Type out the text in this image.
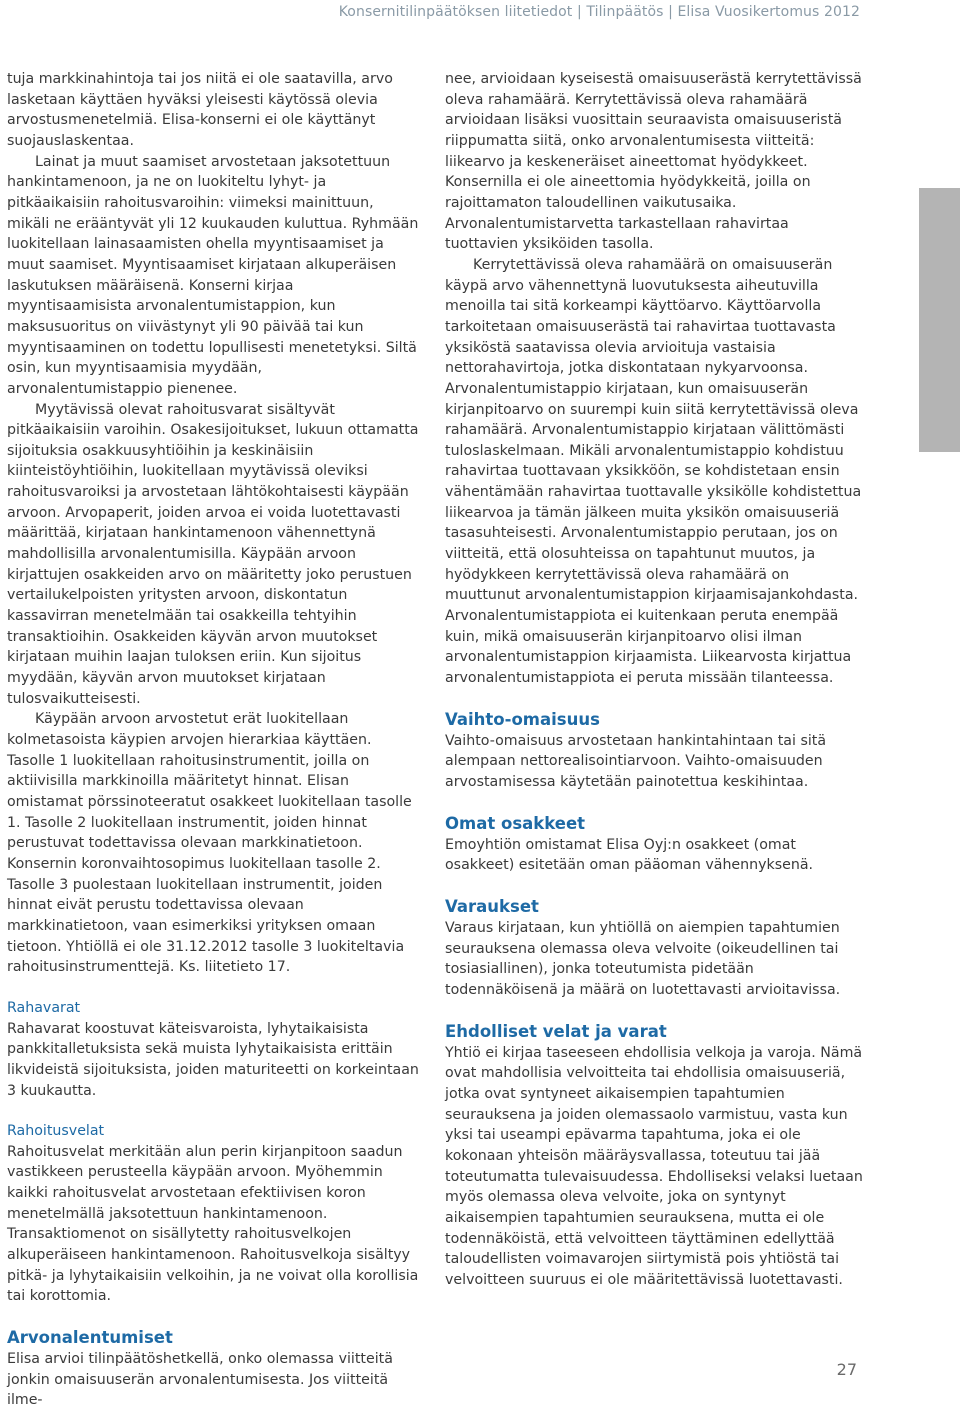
Konsernitilinpäätöksen liitetiedot | Tilinpäätös | Elisa Vuosikertomus 2012

tuja markkinahintoja tai jos niitä ei ole saatavilla, arvo lasketaan käyttäen hyväksi yleisesti käytössä olevia arvostusmenetelmiä. Elisa-konserni ei ole käyttänyt suojauslaskentaa.

Lainat ja muut saamiset arvostetaan jaksotettuun hankintamenoon, ja ne on luokiteltu lyhyt- ja pitkäaikaisiin rahoitusvaroihin: viimeksi mainittuun, mikäli ne erääntyvät yli 12 kuukauden kuluttua. Ryhmään luokitellaan lainasaamisten ohella myyntisaamiset ja muut saamiset. Myyntisaamiset kirjataan alkuperäisen laskutuksen määräisenä. Konserni kirjaa myyntisaamisista arvonalentumistappion, kun maksusuoritus on viivästynyt yli 90 päivää tai kun myyntisaaminen on todettu lopullisesti menetetyksi. Siltä osin, kun myyntisaamisia myydään, arvonalentumistappio pienenee.

Myytävissä olevat rahoitusvarat sisältyvät pitkäaikaisiin varoihin. Osakesijoitukset, lukuun ottamatta sijoituksia osakkuusyhtiöihin ja keskinäisiin kiinteistöyhtiöihin, luokitellaan myytävissä oleviksi rahoitusvaroiksi ja arvostetaan lähtökohtaisesti käypään arvoon. Arvopaperit, joiden arvoa ei voida luotettavasti määrittää, kirjataan hankintamenoon vähennettynä mahdollisilla arvonalentumisilla. Käypään arvoon kirjattujen osakkeiden arvo on määritetty joko perustuen vertailukelpoisten yritysten arvoon, diskontatun kassavirran menetelmään tai osakkeilla tehtyihin transaktioihin. Osakkeiden käyvän arvon muutokset kirjataan muihin laajan tuloksen eriin. Kun sijoitus myydään, käyvän arvon muutokset kirjataan tulosvaikutteisesti.

Käypään arvoon arvostetut erät luokitellaan kolmetasoista käypien arvojen hierarkiaa käyttäen. Tasolle 1 luokitellaan rahoitusinstrumentit, joilla on aktiivisilla markkinoilla määritetyt hinnat. Elisan omistamat pörssinoteeratut osakkeet luokitellaan tasolle 1. Tasolle 2 luokitellaan instrumentit, joiden hinnat perustuvat todettavissa olevaan markkinatietoon. Konsernin koronvaihtosopimus luokitellaan tasolle 2. Tasolle 3 puolestaan luokitellaan instrumentit, joiden hinnat eivät perustu todettavissa olevaan markkinatietoon, vaan esimerkiksi yrityksen omaan tietoon. Yhtiöllä ei ole 31.12.2012 tasolle 3 luokiteltavia rahoitusinstrumenttejä. Ks. liitetieto 17.

Rahavarat

Rahavarat koostuvat käteisvaroista, lyhytaikaisista pankkitalletuksista sekä muista lyhytaikaisista erittäin likvideistä sijoituksista, joiden maturiteetti on korkeintaan 3 kuukautta.

Rahoitusvelat

Rahoitusvelat merkitään alun perin kirjanpitoon saadun vastikkeen perusteella käypään arvoon. Myöhemmin kaikki rahoitusvelat arvostetaan efektiivisen koron menetelmällä jaksotettuun hankintamenoon. Transaktiomenot on sisällytetty rahoitusvelkojen alkuperäiseen hankintamenoon. Rahoitusvelkoja sisältyy pitkä- ja lyhytaikaisiin velkoihin, ja ne voivat olla korollisia tai korottomia.

Arvonalentumiset

Elisa arvioi tilinpäätöshetkellä, onko olemassa viitteitä jonkin omaisuuserän arvonalentumisesta. Jos viitteitä ilme-

nee, arvioidaan kyseisestä omaisuuserästä kerrytettävissä oleva rahamäärä. Kerrytettävissä oleva rahamäärä arvioidaan lisäksi vuosittain seuraavista omaisuuseristä riippumatta siitä, onko arvonalentumisesta viitteitä: liikearvo ja keskeneräiset aineettomat hyödykkeet. Konsernilla ei ole aineettomia hyödykkeitä, joilla on rajoittamaton taloudellinen vaikutusaika. Arvonalentumistarvetta tarkastellaan rahavirtaa tuottavien yksiköiden tasolla.

Kerrytettävissä oleva rahamäärä on omaisuuserän käypä arvo vähennettynä luovutuksesta aiheutuvilla menoilla tai sitä korkeampi käyttöarvo. Käyttöarvolla tarkoitetaan omaisuuserästä tai rahavirtaa tuottavasta yksiköstä saatavissa olevia arvioituja vastaisia nettorahavirtoja, jotka diskontataan nykyarvoonsa. Arvonalentumistappio kirjataan, kun omaisuuserän kirjanpitoarvo on suurempi kuin siitä kerrytettävissä oleva rahamäärä. Arvonalentumistappio kirjataan välittömästi tuloslaskelmaan. Mikäli arvonalentumistappio kohdistuu rahavirtaa tuottavaan yksikköön, se kohdistetaan ensin vähentämään rahavirtaa tuottavalle yksikölle kohdistettua liikearvoa ja tämän jälkeen muita yksikön omaisuuseriä tasasuhteisesti. Arvonalentumistappio perutaan, jos on viitteitä, että olosuhteissa on tapahtunut muutos, ja hyödykkeen kerrytettävissä oleva rahamäärä on muuttunut arvonalentumistappion kirjaamisajankohdasta. Arvonalentumistappiota ei kuitenkaan peruta enempää kuin, mikä omaisuuserän kirjanpitoarvo olisi ilman arvonalentumistappion kirjaamista. Liikearvosta kirjattua arvonalentumistappiota ei peruta missään tilanteessa.

Vaihto-omaisuus

Vaihto-omaisuus arvostetaan hankintahintaan tai sitä alempaan nettorealisointiarvoon. Vaihto-omaisuuden arvostamisessa käytetään painotettua keskihintaa.

Omat osakkeet

Emoyhtiön omistamat Elisa Oyj:n osakkeet (omat osakkeet) esitetään oman pääoman vähennyksenä.

Varaukset

Varaus kirjataan, kun yhtiöllä on aiempien tapahtumien seurauksena olemassa oleva velvoite (oikeudellinen tai tosiasiallinen), jonka toteutumista pidetään todennäköisenä ja määrä on luotettavasti arvioitavissa.

Ehdolliset velat ja varat

Yhtiö ei kirjaa taseeseen ehdollisia velkoja ja varoja. Nämä ovat mahdollisia velvoitteita tai ehdollisia omaisuuseriä, jotka ovat syntyneet aikaisempien tapahtumien seurauksena ja joiden olemassaolo varmistuu, vasta kun yksi tai useampi epävarma tapahtuma, joka ei ole kokonaan yhteisön määräysvallassa, toteutuu tai jää toteutumatta tulevaisuudessa. Ehdolliseksi velaksi luetaan myös olemassa oleva velvoite, joka on syntynyt aikaisempien tapahtumien seurauksena, mutta ei ole todennäköistä, että velvoitteen täyttäminen edellyttää taloudellisten voimavarojen siirtymistä pois yhtiöstä tai velvoitteen suuruus ei ole määritettävissä luotettavasti.

27
